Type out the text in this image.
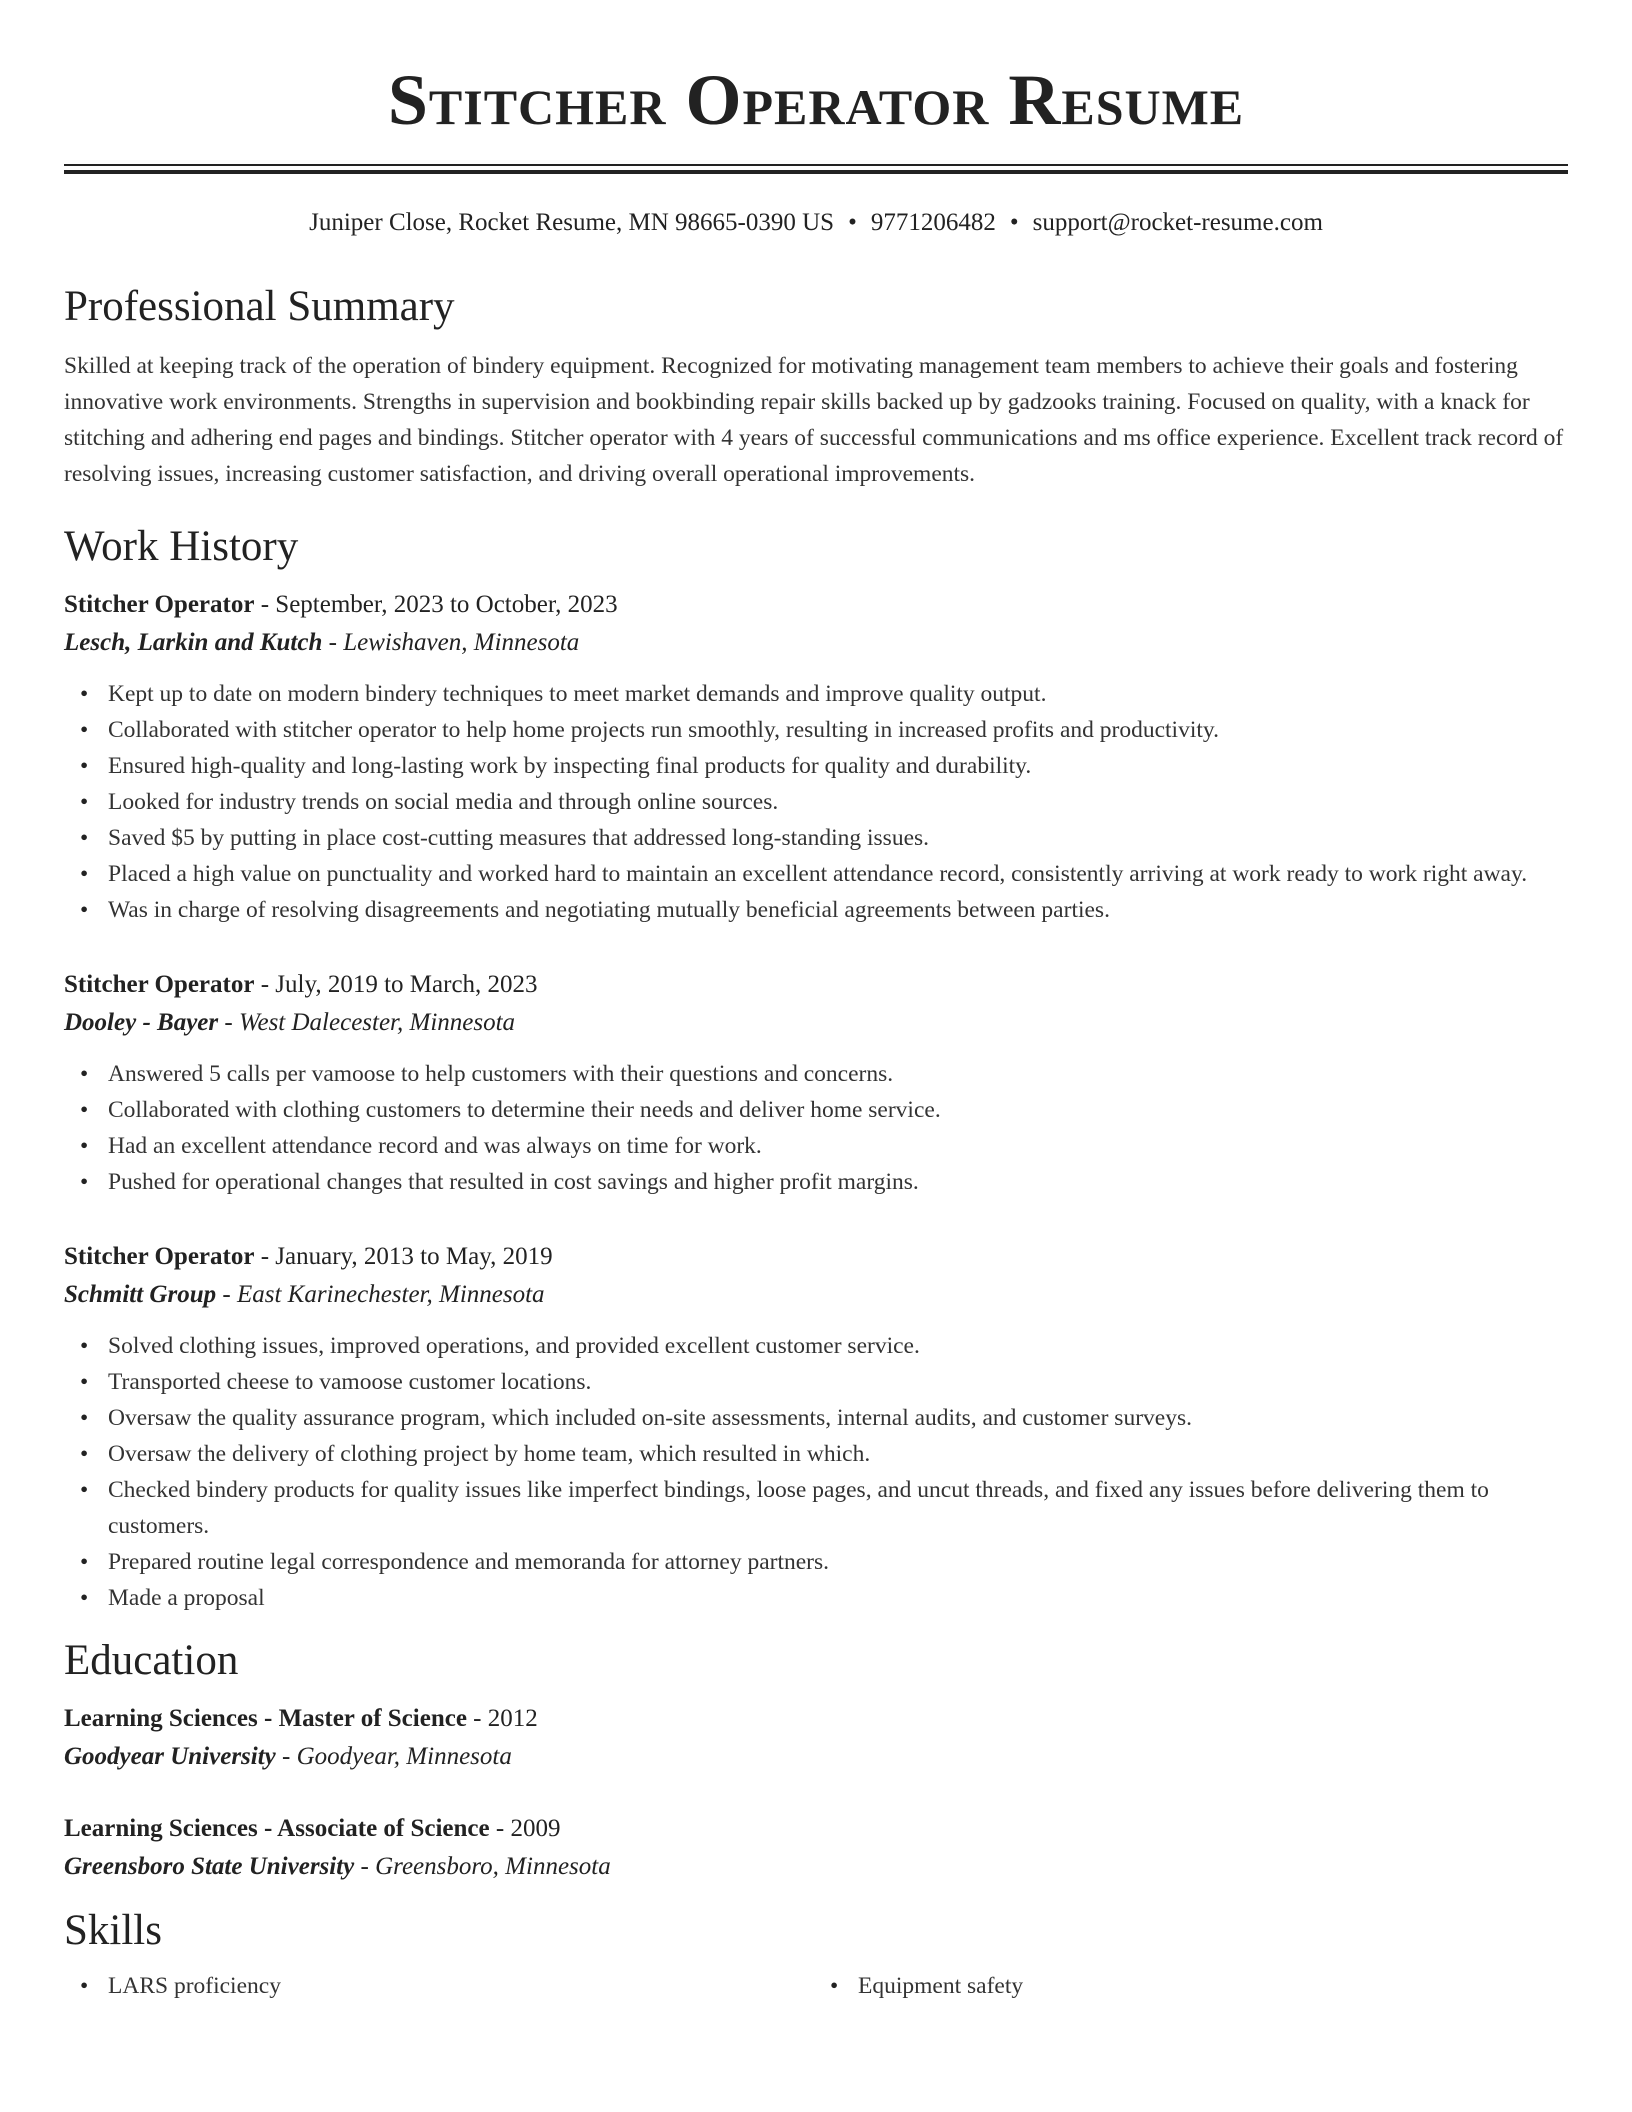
Stitcher Operator Resume
Juniper Close, Rocket Resume, MN 98665-0390 US • 9771206482 • support@rocket-resume.com
Professional Summary

Skilled at keeping track of the operation of bindery equipment. Recognized for motivating management team members to achieve their goals and fostering innovative work environments. Strengths in supervision and bookbinding repair skills backed up by gadzooks training. Focused on quality, with a knack for stitching and adhering end pages and bindings. Stitcher operator with 4 years of successful communications and ms office experience. Excellent track record of resolving issues, increasing customer satisfaction, and driving overall operational improvements.

Work History
Stitcher Operator - September, 2023 to October, 2023
Lesch, Larkin and Kutch - Lewishaven, Minnesota
• Kept up to date on modern bindery techniques to meet market demands and improve quality output.
• Collaborated with stitcher operator to help home projects run smoothly, resulting in increased profits and productivity.
• Ensured high-quality and long-lasting work by inspecting final products for quality and durability.
• Looked for industry trends on social media and through online sources.
• Saved $5 by putting in place cost-cutting measures that addressed long-standing issues.
• Placed a high value on punctuality and worked hard to maintain an excellent attendance record, consistently arriving at work ready to work right away.
• Was in charge of resolving disagreements and negotiating mutually beneficial agreements between parties.
Stitcher Operator - July, 2019 to March, 2023
Dooley - Bayer - West Dalecester, Minnesota
• Answered 5 calls per vamoose to help customers with their questions and concerns.
• Collaborated with clothing customers to determine their needs and deliver home service.
• Had an excellent attendance record and was always on time for work.
• Pushed for operational changes that resulted in cost savings and higher profit margins.
Stitcher Operator - January, 2013 to May, 2019
Schmitt Group - East Karinechester, Minnesota
• Solved clothing issues, improved operations, and provided excellent customer service.
• Transported cheese to vamoose customer locations.
• Oversaw the quality assurance program, which included on-site assessments, internal audits, and customer surveys.
• Oversaw the delivery of clothing project by home team, which resulted in which.
• Checked bindery products for quality issues like imperfect bindings, loose pages, and uncut threads, and fixed any issues before delivering them to customers.
• Prepared routine legal correspondence and memoranda for attorney partners.
• Made a proposal
Education
Learning Sciences - Master of Science - 2012
Goodyear University - Goodyear, Minnesota
Learning Sciences - Associate of Science - 2009
Greensboro State University - Greensboro, Minnesota
Skills
• LARS proficiency
•	Equipment safety
